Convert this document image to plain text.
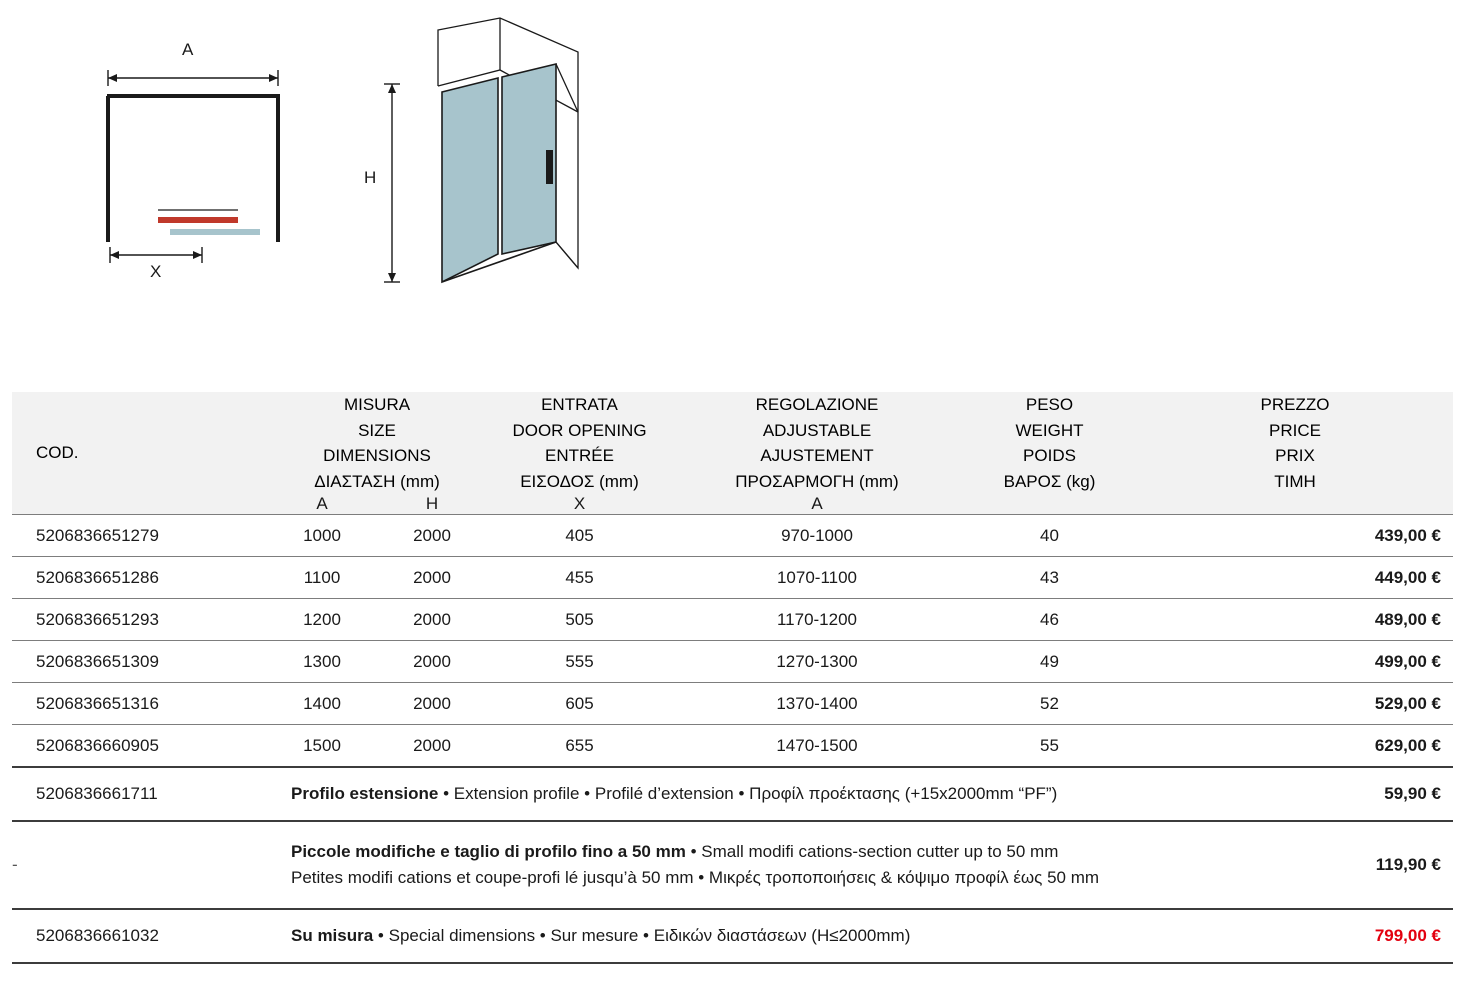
A
X
H
COD.	MISURA
SIZE
DIMENSIONS
ΔΙΑΣΤΑΣΗ (mm)		ENTRATA
DOOR OPENING
ENTRÉE
ΕΙΣΟΔΟΣ (mm)	REGOLAZIONE
ADJUSTABLE
AJUSTEMENT
ΠΡΟΣΑΡΜΟΓΗ (mm)	PESO
WEIGHT
POIDS
ΒΑΡΟΣ (kg)	PREZZO
PRICE
PRIX
ΤΙΜΗ

	A	H	X	A		
5206836651279	1000	2000	405	970-1000	40	439,00 €
5206836651286	1100	2000	455	1070-1100	43	449,00 €
5206836651293	1200	2000	505	1170-1200	46	489,00 €
5206836651309	1300	2000	555	1270-1300	49	499,00 €
5206836651316	1400	2000	605	1370-1400	52	529,00 €
5206836660905	1500	2000	655	1470-1500	55	629,00 €
5206836661711	Profilo estensione • Extension profile • Profilé d’extension • Προφίλ προέκτασης (+15x2000mm “PF”)					59,90 €
-	Piccole modifiche e taglio di profilo fino a 50 mm • Small modifi cations-section cutter up to 50 mm
Petites modifi cations et coupe-profi lé jusqu’à 50 mm • Μικρές τροποποιήσεις & κόψιμο προφίλ έως 50 mm					119,90 €
5206836661032	Su misura • Special dimensions • Sur mesure • Ειδικών διαστάσεων (H≤2000mm)					799,00 €
